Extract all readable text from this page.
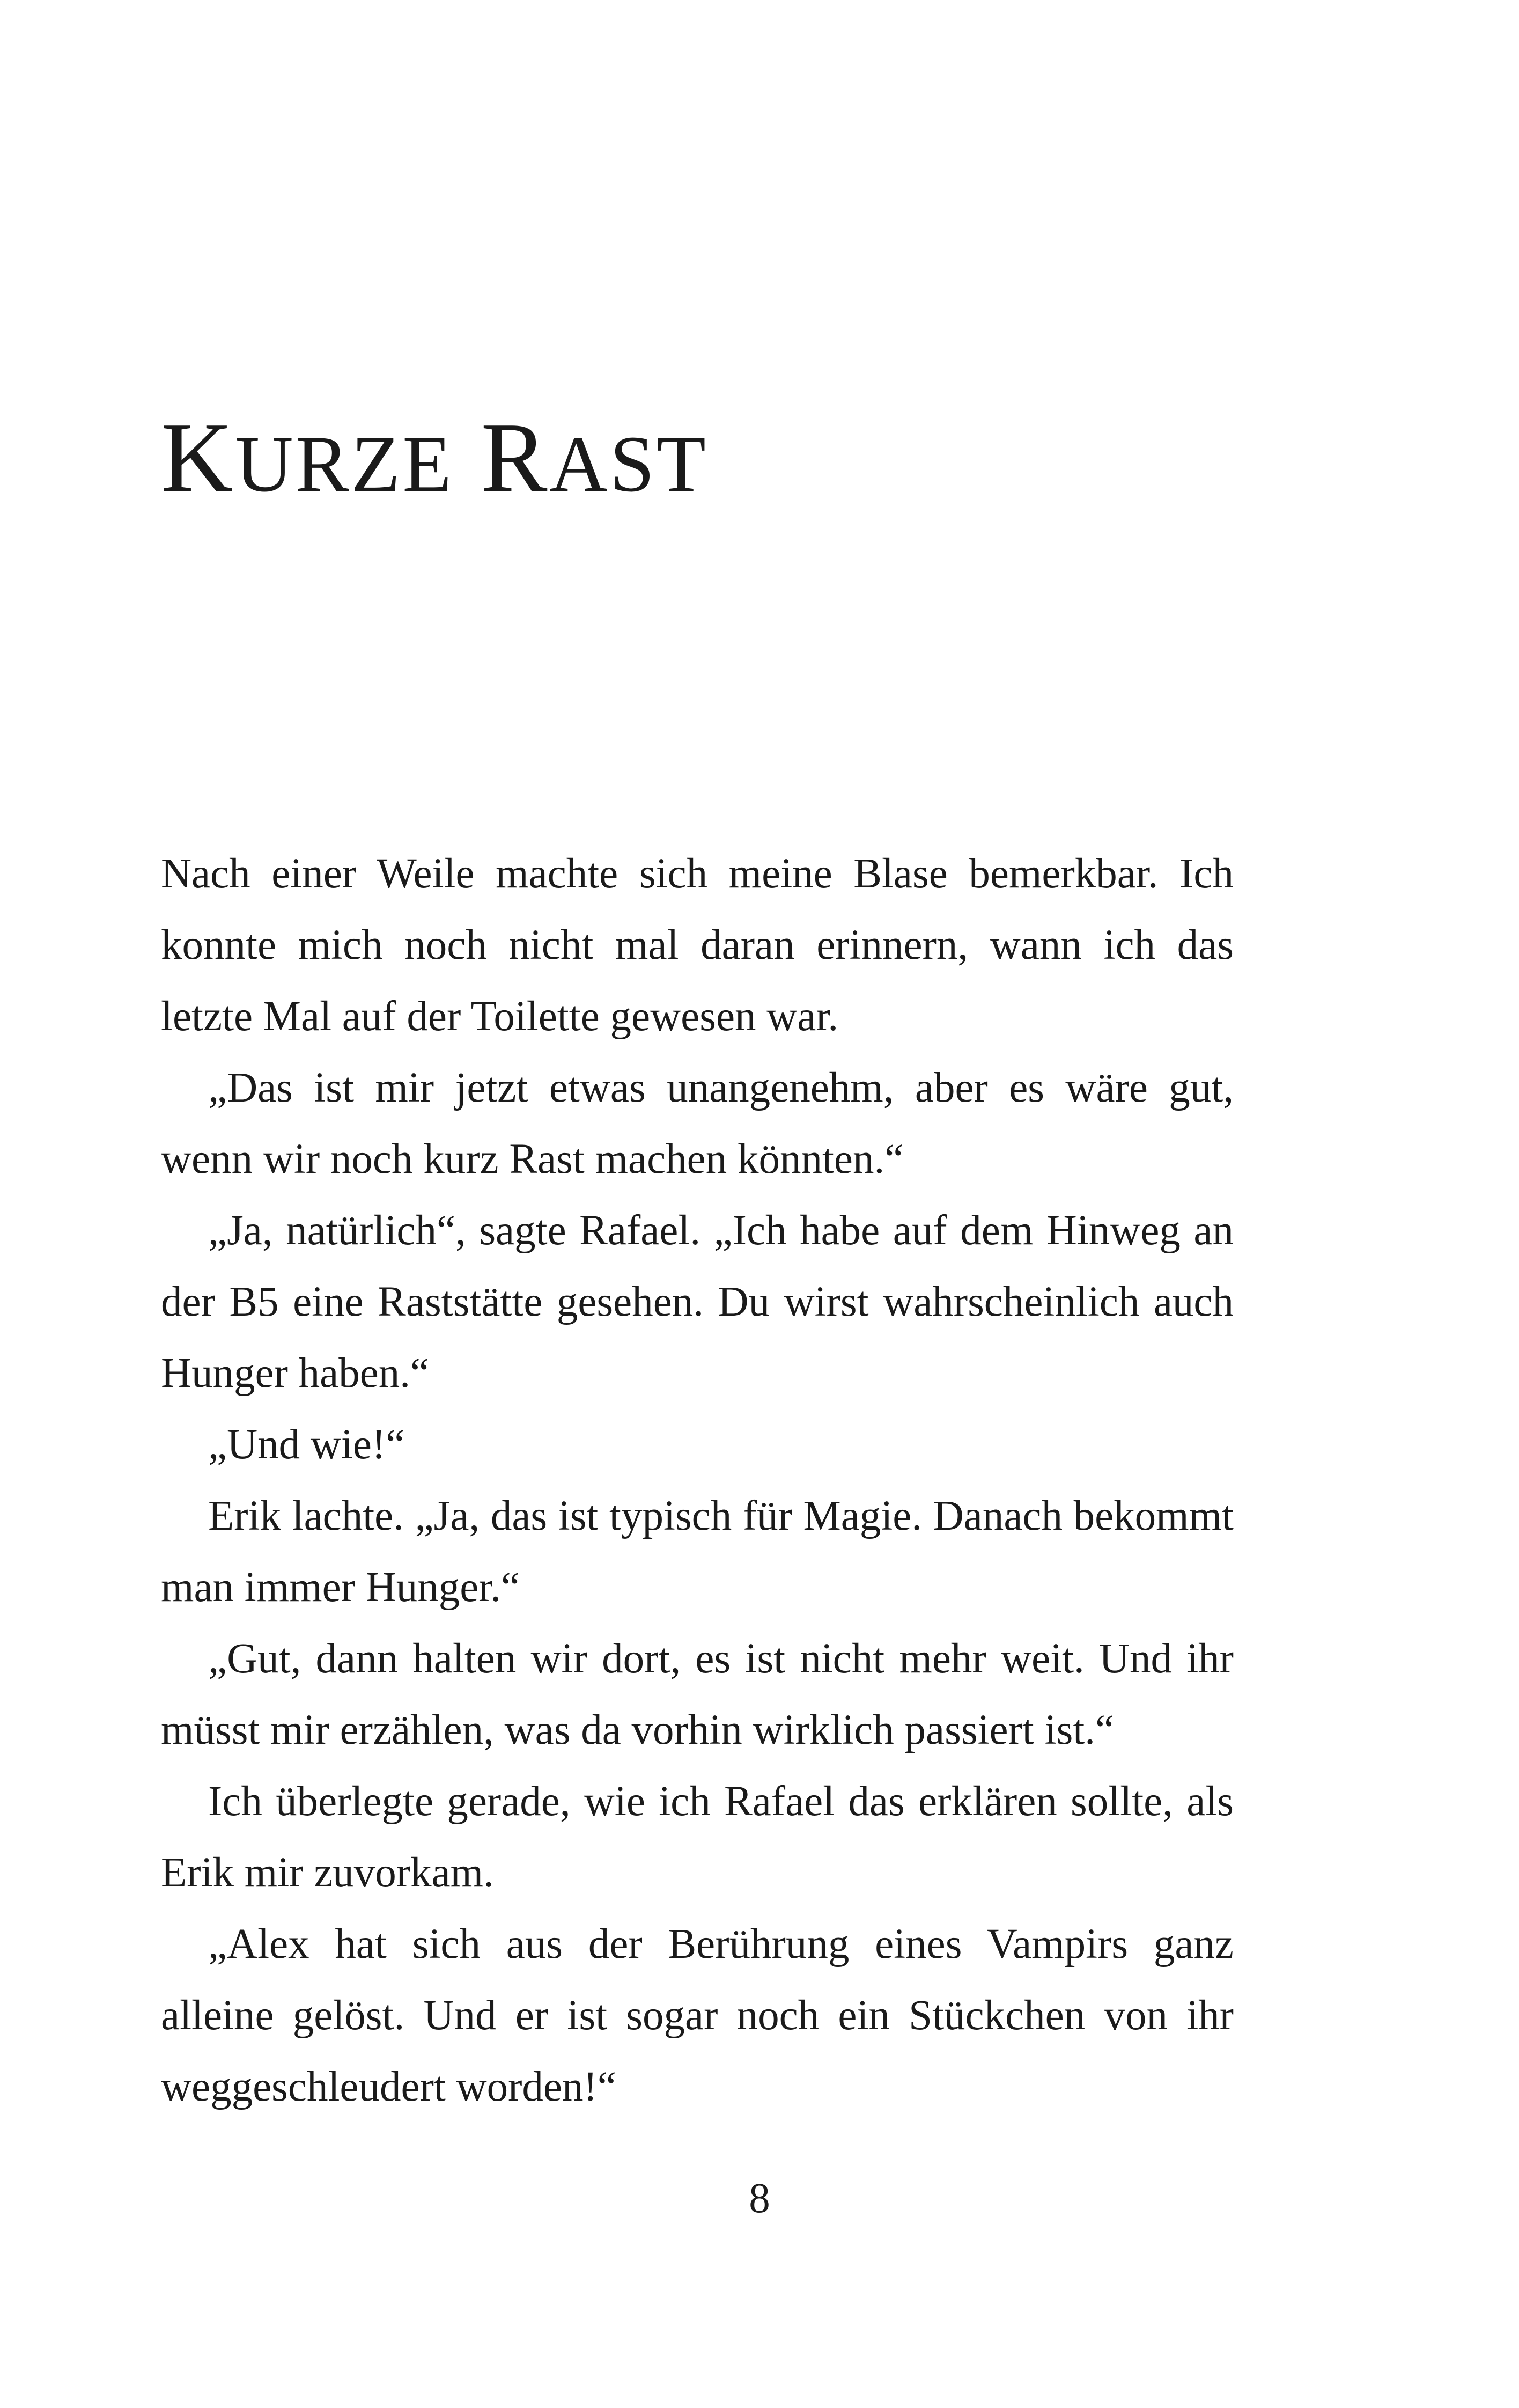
KURZE RAST

Nach einer Weile machte sich meine Blase bemerkbar. Ich konnte mich noch nicht mal daran erinnern, wann ich das letzte Mal auf der Toilette gewesen war.

„Das ist mir jetzt etwas unangenehm, aber es wäre gut, wenn wir noch kurz Rast machen könnten.“

„Ja, natürlich“, sagte Rafael. „Ich habe auf dem Hinweg an der B5 eine Raststätte gesehen. Du wirst wahrscheinlich auch Hunger haben.“

„Und wie!“

Erik lachte. „Ja, das ist typisch für Magie. Danach bekommt man immer Hunger.“

„Gut, dann halten wir dort, es ist nicht mehr weit. Und ihr müsst mir erzählen, was da vorhin wirklich passiert ist.“

Ich überlegte gerade, wie ich Rafael das erklären sollte, als Erik mir zuvorkam.

„Alex hat sich aus der Berührung eines Vampirs ganz alleine gelöst. Und er ist sogar noch ein Stückchen von ihr weggeschleudert worden!“

8
